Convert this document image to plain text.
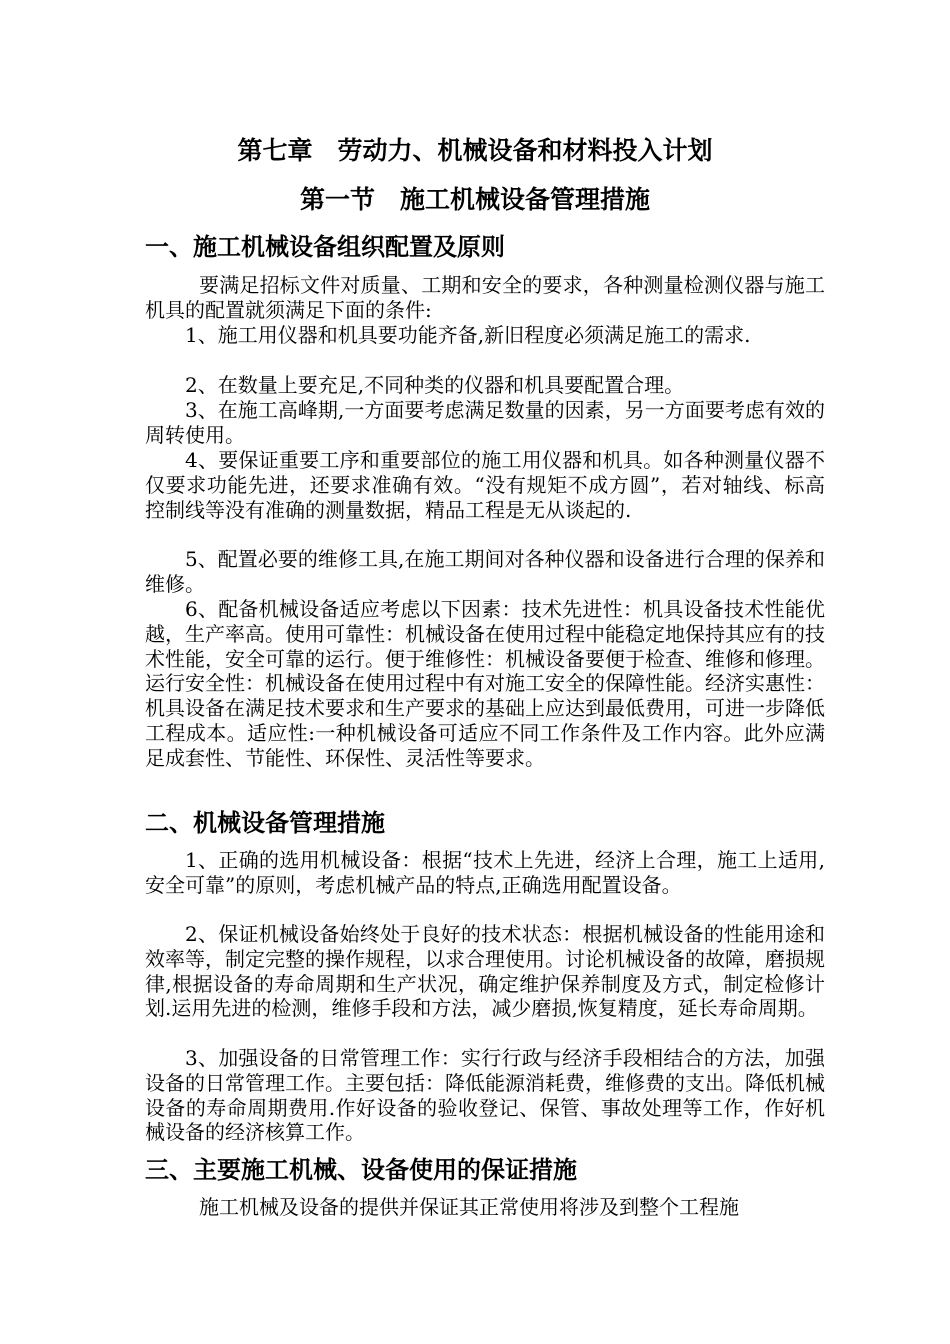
第七章　劳动力、机械设备和材料投入计划
第一节　施工机械设备管理措施
一、施工机械设备组织配置及原则

要满足招标文件对质量、工期和安全的要求，各种测量检测仪器与施工机具的配置就须满足下面的条件:

1、施工用仪器和机具要功能齐备,新旧程度必须满足施工的需求.

2、在数量上要充足,不同种类的仪器和机具要配置合理。

3、在施工高峰期,一方面要考虑满足数量的因素，另一方面要考虑有效的周转使用。

4、要保证重要工序和重要部位的施工用仪器和机具。如各种测量仪器不仅要求功能先进，还要求准确有效。“没有规矩不成方圆”，若对轴线、标高控制线等没有准确的测量数据，精品工程是无从谈起的.

5、配置必要的维修工具,在施工期间对各种仪器和设备进行合理的保养和维修。

6、配备机械设备适应考虑以下因素：技术先进性：机具设备技术性能优越，生产率高。使用可靠性：机械设备在使用过程中能稳定地保持其应有的技术性能，安全可靠的运行。便于维修性：机械设备要便于检查、维修和修理。运行安全性：机械设备在使用过程中有对施工安全的保障性能。经济实惠性：机具设备在满足技术要求和生产要求的基础上应达到最低费用，可进一步降低工程成本。适应性:一种机械设备可适应不同工作条件及工作内容。此外应满足成套性、节能性、环保性、灵活性等要求。

二、机械设备管理措施

1、正确的选用机械设备：根据“技术上先进，经济上合理，施工上适用,安全可靠”的原则，考虑机械产品的特点,正确选用配置设备。

2、保证机械设备始终处于良好的技术状态：根据机械设备的性能用途和效率等，制定完整的操作规程，以求合理使用。讨论机械设备的故障，磨损规律,根据设备的寿命周期和生产状况，确定维护保养制度及方式，制定检修计划.运用先进的检测，维修手段和方法，减少磨损,恢复精度，延长寿命周期。

3、加强设备的日常管理工作：实行行政与经济手段相结合的方法，加强设备的日常管理工作。主要包括：降低能源消耗费，维修费的支出。降低机械设备的寿命周期费用.作好设备的验收登记、保管、事故处理等工作，作好机械设备的经济核算工作。

三、主要施工机械、设备使用的保证措施

施工机械及设备的提供并保证其正常使用将涉及到整个工程施
